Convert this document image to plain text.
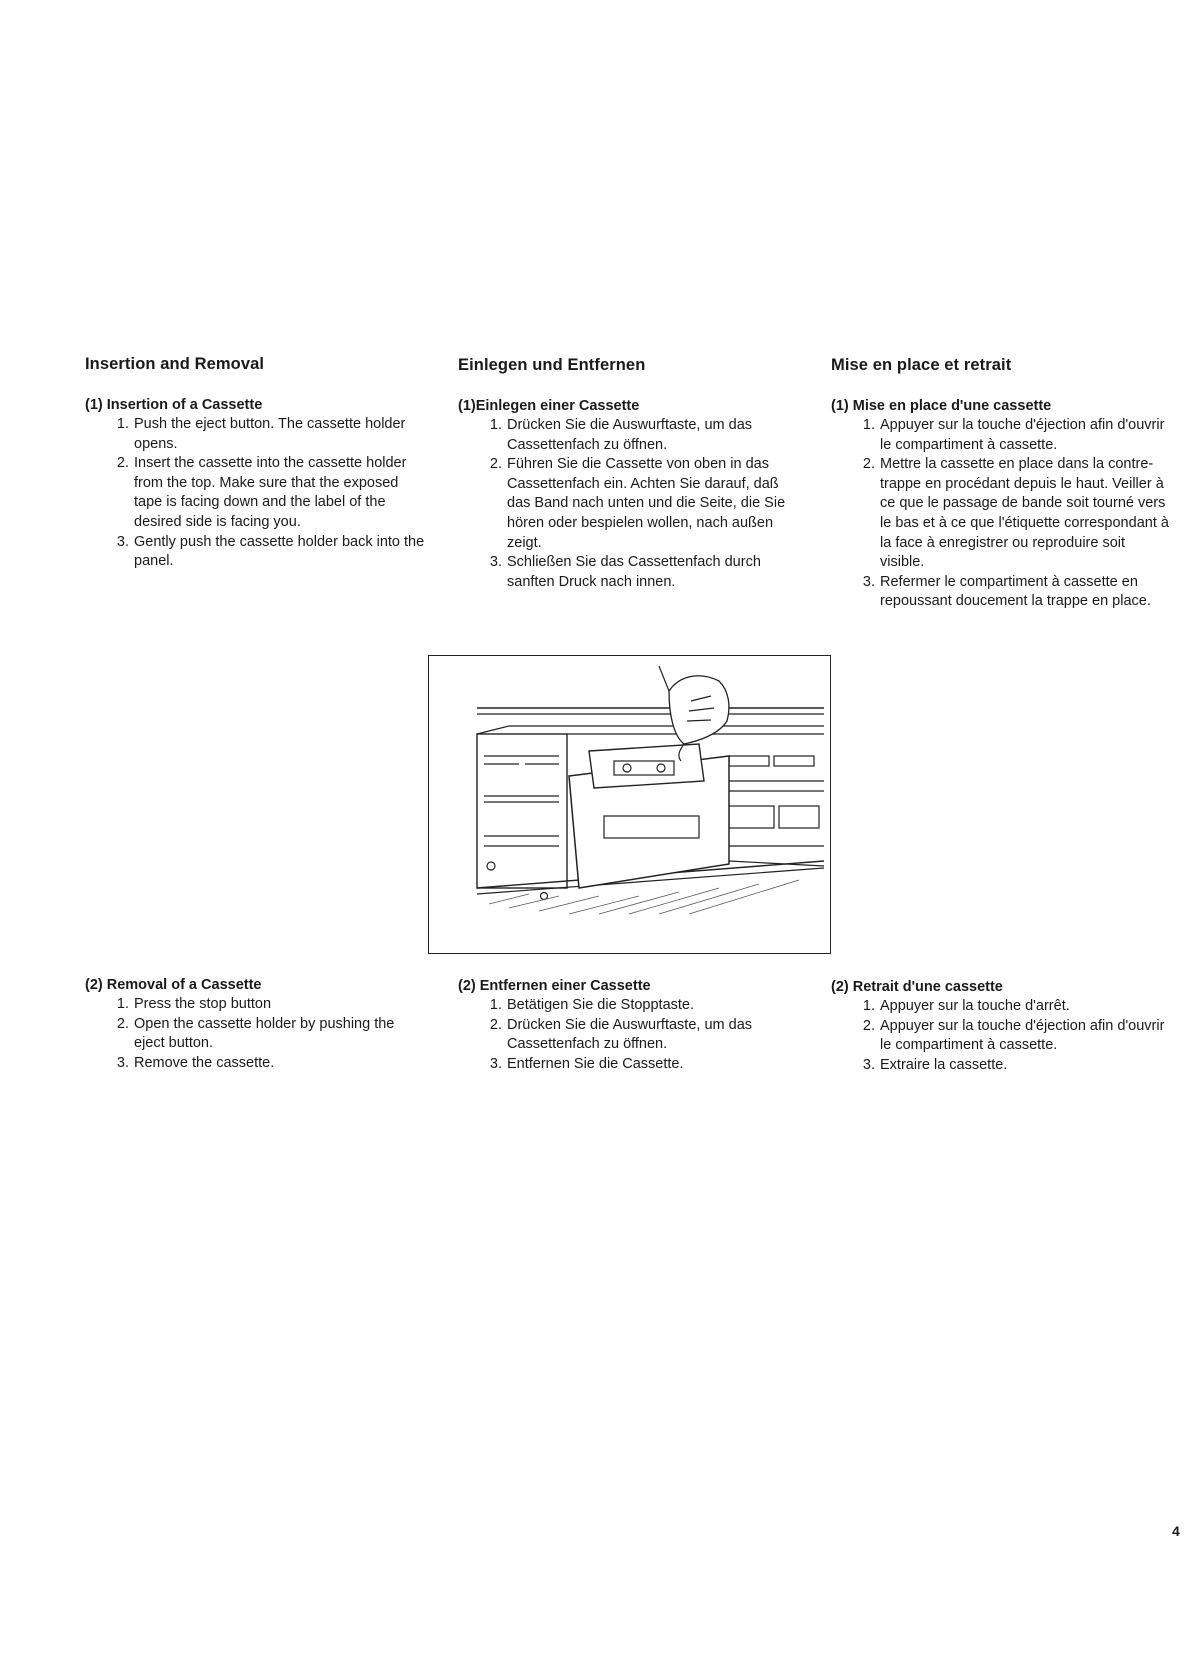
Insertion and Removal
(1) Insertion of a Cassette
1. Push the eject button. The cassette holder opens.
2. Insert the cassette into the cassette holder from the top. Make sure that the exposed tape is facing down and the label of the desired side is facing you.
3. Gently push the cassette holder back into the panel.
Einlegen und Entfernen
(1)Einlegen einer Cassette
1. Drücken Sie die Auswurftaste, um das Cassettenfach zu öffnen.
2. Führen Sie die Cassette von oben in das Cassettenfach ein. Achten Sie darauf, daß das Band nach unten und die Seite, die Sie hören oder bespielen wollen, nach außen zeigt.
3. Schließen Sie das Cassettenfach durch sanften Druck nach innen.
Mise en place et retrait
(1) Mise en place d'une cassette
1. Appuyer sur la touche d'éjection afin d'ouvrir le compartiment à cassette.
2. Mettre la cassette en place dans la contre-trappe en procédant depuis le haut. Veiller à ce que le passage de bande soit tourné vers le bas et à ce que l'étiquette correspondant à la face à enregistrer ou reproduire soit visible.
3. Refermer le compartiment à cassette en repoussant doucement la trappe en place.
(2) Removal of a Cassette
1. Press the stop button
2. Open the cassette holder by pushing the eject button.
3. Remove the cassette.
(2) Entfernen einer Cassette
1. Betätigen Sie die Stopptaste.
2. Drücken Sie die Auswurftaste, um das Cassettenfach zu öffnen.
3. Entfernen Sie die Cassette.
(2) Retrait d'une cassette
1. Appuyer sur la touche d'arrêt.
2. Appuyer sur la touche d'éjection afin d'ouvrir le compartiment à cassette.
3. Extraire la cassette.
4
